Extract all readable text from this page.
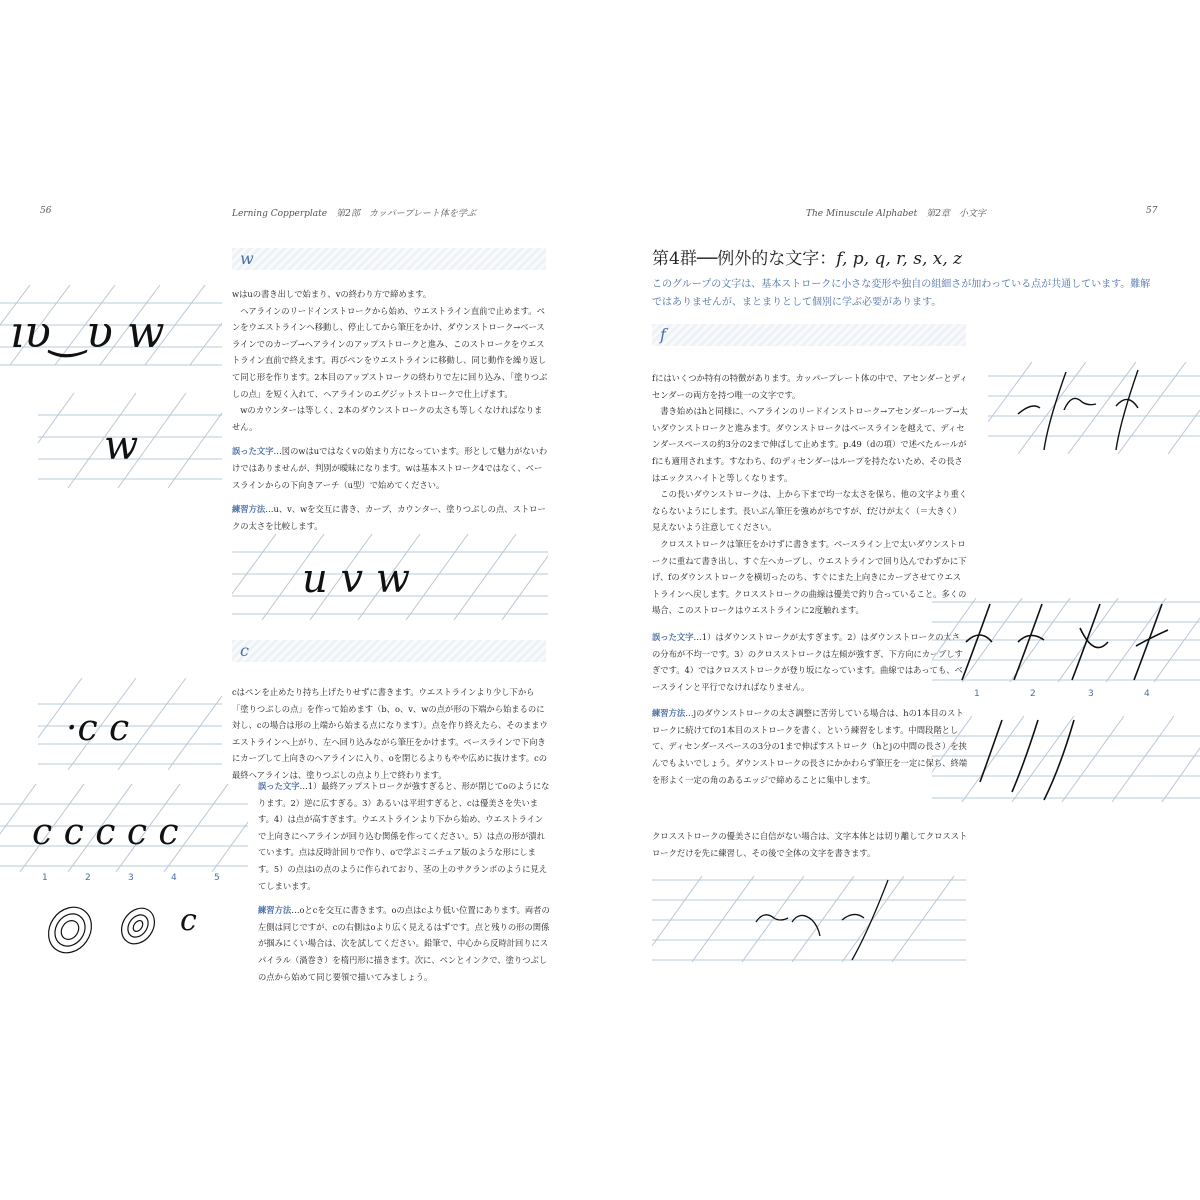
56	Lerning Copperplate　第2部　カッパープレート体を学ぶ
w
ıυ‿υ w
w

wはuの書き出しで始まり、vの終わり方で締めます。

ヘアラインのリードインストロークから始め、ウエストライン直前で止めます。ペンをウエストラインへ移動し、停止してから筆圧をかけ、ダウンストローク→ベースラインでのカーブ→ヘアラインのアップストロークと進み、このストロークをウエストライン直前で終えます。再びペンをウエストラインに移動し、同じ動作を繰り返して同じ形を作ります。2本目のアップストロークの終わりで左に回り込み、「塗りつぶしの点」を短く入れて、ヘアラインのエグジットストロークで仕上げます。

wのカウンターは等しく、2本のダウンストロークの太さも等しくなければなりません。

誤った文字…図のwはuではなくvの始まり方になっています。形として魅力がないわけではありませんが、判別が曖昧になります。wは基本ストローク4ではなく、ベースラインからの下向きアーチ（u型）で始めてください。

練習方法…u、v、wを交互に書き、カーブ、カウンター、塗りつぶしの点、ストロークの太さを比較します。

u v w
c
·c c

cはペンを止めたり持ち上げたりせずに書きます。ウエストラインより少し下から「塗りつぶしの点」を作って始めます（b、o、v、wの点が形の下端から始まるのに対し、cの場合は形の上端から始まる点になります）。点を作り終えたら、そのままウエストラインへ上がり、左へ回り込みながら筆圧をかけます。ベースラインで下向きにカーブして上向きのヘアラインに入り、oを閉じるよりもやや広めに抜けます。cの最終ヘアラインは、塗りつぶしの点より上で終わります。

c c c c c
1	2	3	4	5
c

誤った文字…1）最終アップストロークが強すぎると、形が閉じてoのようになります。2）逆に広すぎる。3）あるいは平坦すぎると、cは優美さを失います。4）は点が高すぎます。ウエストラインより下から始め、ウエストラインで上向きにヘアラインが回り込む関係を作ってください。5）は点の形が潰れています。点は反時計回りで作り、oで学ぶミニチュア版のような形にします。5）の点はiの点のように作られており、茎の上のサクランボのように見えてしまいます。

練習方法…oとcを交互に書きます。oの点はcより低い位置にあります。両者の左側は同じですが、cの右側はoより広く見えるはずです。点と残りの形の関係が掴みにくい場合は、次を試してください。鉛筆で、中心から反時計回りにスパイラル（渦巻き）を楕円形に描きます。次に、ペンとインクで、塗りつぶしの点から始めて同じ要領で描いてみましょう。

The Minuscule Alphabet　第2章　小文字	57
第4群──例外的な文字：f, p, q, r, s, x, z

このグループの文字は、基本ストロークに小さな変形や独自の組細さが加わっている点が共通しています。難解ではありませんが、まとまりとして個別に学ぶ必要があります。

f

fにはいくつか特有の特徴があります。カッパープレート体の中で、アセンダーとディセンダーの両方を持つ唯一の文字です。

書き始めはhと同様に、ヘアラインのリードインストローク→アセンダーループ→太いダウンストロークと進みます。ダウンストロークはベースラインを越えて、ディセンダースペースの約3分の2まで伸ばして止めます。p.49（dの項）で述べたルールがfにも適用されます。すなわち、fのディセンダーはループを持たないため、その長さはエックスハイトと等しくなります。

この長いダウンストロークは、上から下まで均一な太さを保ち、他の文字より重くならないようにします。長いぶん筆圧を強めがちですが、fだけが太く（＝大きく）見えないよう注意してください。

クロスストロークは筆圧をかけずに書きます。ベースライン上で太いダウンストロークに重ねて書き出し、すぐ左へカーブし、ウエストラインで回り込んでわずかに下げ、fのダウンストロークを横切ったのち、すぐにまた上向きにカーブさせてウエストラインへ戻します。クロスストロークの曲線は優美で釣り合っていること。多くの場合、このストロークはウエストラインに2度触れます。

誤った文字…1）はダウンストロークが太すぎます。2）はダウンストロークの太さの分布が不均一です。3）のクロスストロークは左傾が強すぎ、下方向にカーブしすぎです。4）ではクロスストロークが登り坂になっています。曲線ではあっても、ベースラインと平行でなければなりません。

練習方法…jのダウンストロークの太さ調整に苦労している場合は、hの1本目のストロークに続けてfの1本目のストロークを書く、という練習をします。中間段階として、ディセンダースペースの3分の1まで伸ばすストローク（hとjの中間の長さ）を挟んでもよいでしょう。ダウンストロークの長さにかかわらず筆圧を一定に保ち、終端を形よく一定の角のあるエッジで締めることに集中します。

クロスストロークの優美さに自信がない場合は、文字本体とは切り離してクロスストロークだけを先に練習し、その後で全体の文字を書きます。

1	2	3	4
